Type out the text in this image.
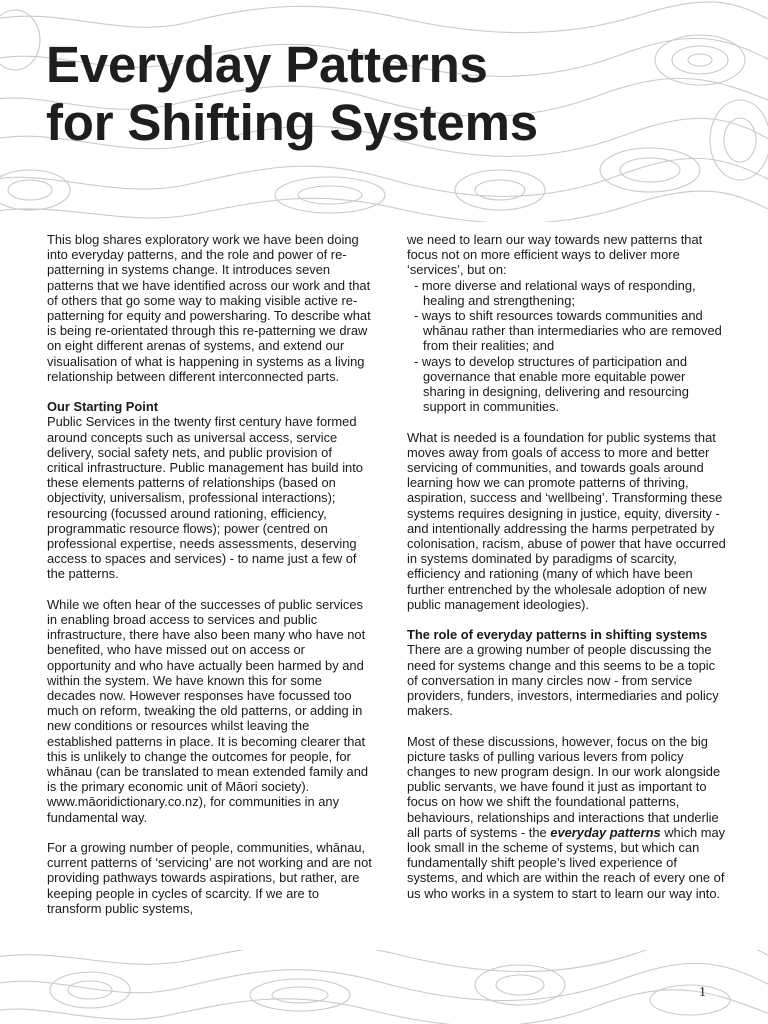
Everyday Patterns
for Shifting Systems

This blog shares exploratory work we have been doing into everyday patterns, and the role and power of re-patterning in systems change. It introduces seven patterns that we have identified across our work and that of others that go some way to making visible active re-patterning for equity and powersharing. To describe what is being re-orientated through this re-patterning we draw on eight different arenas of systems, and extend our visualisation of what is happening in systems as a living relationship between different interconnected parts.

Our Starting Point
Public Services in the twenty first century have formed around concepts such as universal access, service delivery, social safety nets, and public provision of critical infrastructure. Public management has build into these elements patterns of relationships (based on objectivity, universalism, professional interactions); resourcing (focussed around rationing, efficiency, programmatic resource flows); power (centred on professional expertise, needs assessments, deserving access to spaces and services) - to name just a few of the patterns.

While we often hear of the successes of public services in enabling broad access to services and public infrastructure, there have also been many who have not benefited, who have missed out on access or opportunity and who have actually been harmed by and within the system. We have known this for some decades now. However responses have focussed too much on reform, tweaking the old patterns, or adding in new conditions or resources whilst leaving the established patterns in place. It is becoming clearer that this is unlikely to change the outcomes for people, for whānau (can be translated to mean extended family and is the primary economic unit of Māori society). www.māoridictionary.co.nz), for communities in any fundamental way.

For a growing number of people, communities, whānau, current patterns of ‘servicing’ are not working and are not providing pathways towards aspirations, but rather, are keeping people in cycles of scarcity. If we are to transform public systems,

we need to learn our way towards new patterns that focus not on more efficient ways to deliver more ‘services’, but on:

- more diverse and relational ways of responding, healing and strengthening;
- ways to shift resources towards communities and whānau rather than intermediaries who are removed from their realities; and
- ways to develop structures of participation and governance that enable more equitable power sharing in designing, delivering and resourcing support in communities.

What is needed is a foundation for public systems that moves away from goals of access to more and better servicing of communities, and towards goals around learning how we can promote patterns of thriving, aspiration, success and ‘wellbeing’. Transforming these systems requires designing in justice, equity, diversity - and intentionally addressing the harms perpetrated by colonisation, racism, abuse of power that have occurred in systems dominated by paradigms of scarcity, efficiency and rationing (many of which have been further entrenched by the wholesale adoption of new public management ideologies).

The role of everyday patterns in shifting systems
There are a growing number of people discussing the need for systems change and this seems to be a topic of conversation in many circles now - from service providers, funders, investors, intermediaries and policy makers.

Most of these discussions, however, focus on the big picture tasks of pulling various levers from policy changes to new program design. In our work alongside public servants, we have found it just as important to focus on how we shift the foundational patterns, behaviours, relationships and interactions that underlie all parts of systems - the everyday patterns which may look small in the scheme of systems, but which can fundamentally shift people’s lived experience of systems, and which are within the reach of every one of us who works in a system to start to learn our way into.

1
